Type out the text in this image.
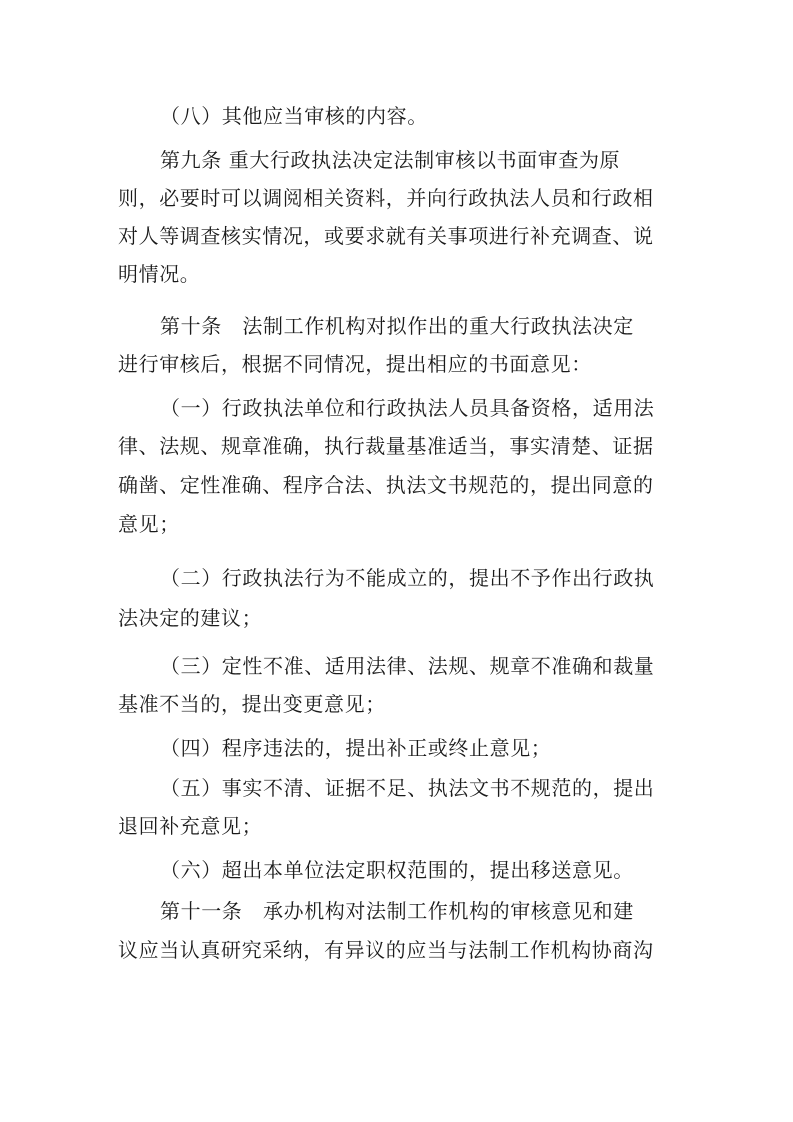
（八）其他应当审核的内容。
第九条 重大行政执法决定法制审核以书面审查为原
则，必要时可以调阅相关资料，并向行政执法人员和行政相
对人等调查核实情况，或要求就有关事项进行补充调查、说
明情况。
第十条　法制工作机构对拟作出的重大行政执法决定
进行审核后，根据不同情况，提出相应的书面意见：
（一）行政执法单位和行政执法人员具备资格，适用法
律、法规、规章准确，执行裁量基准适当，事实清楚、证据
确凿、定性准确、程序合法、执法文书规范的，提出同意的
意见；
（二）行政执法行为不能成立的，提出不予作出行政执
法决定的建议；
（三）定性不准、适用法律、法规、规章不准确和裁量
基准不当的，提出变更意见；
（四）程序违法的，提出补正或终止意见；
（五）事实不清、证据不足、执法文书不规范的，提出
退回补充意见；
（六）超出本单位法定职权范围的，提出移送意见。
第十一条　承办机构对法制工作机构的审核意见和建
议应当认真研究采纳，有异议的应当与法制工作机构协商沟
